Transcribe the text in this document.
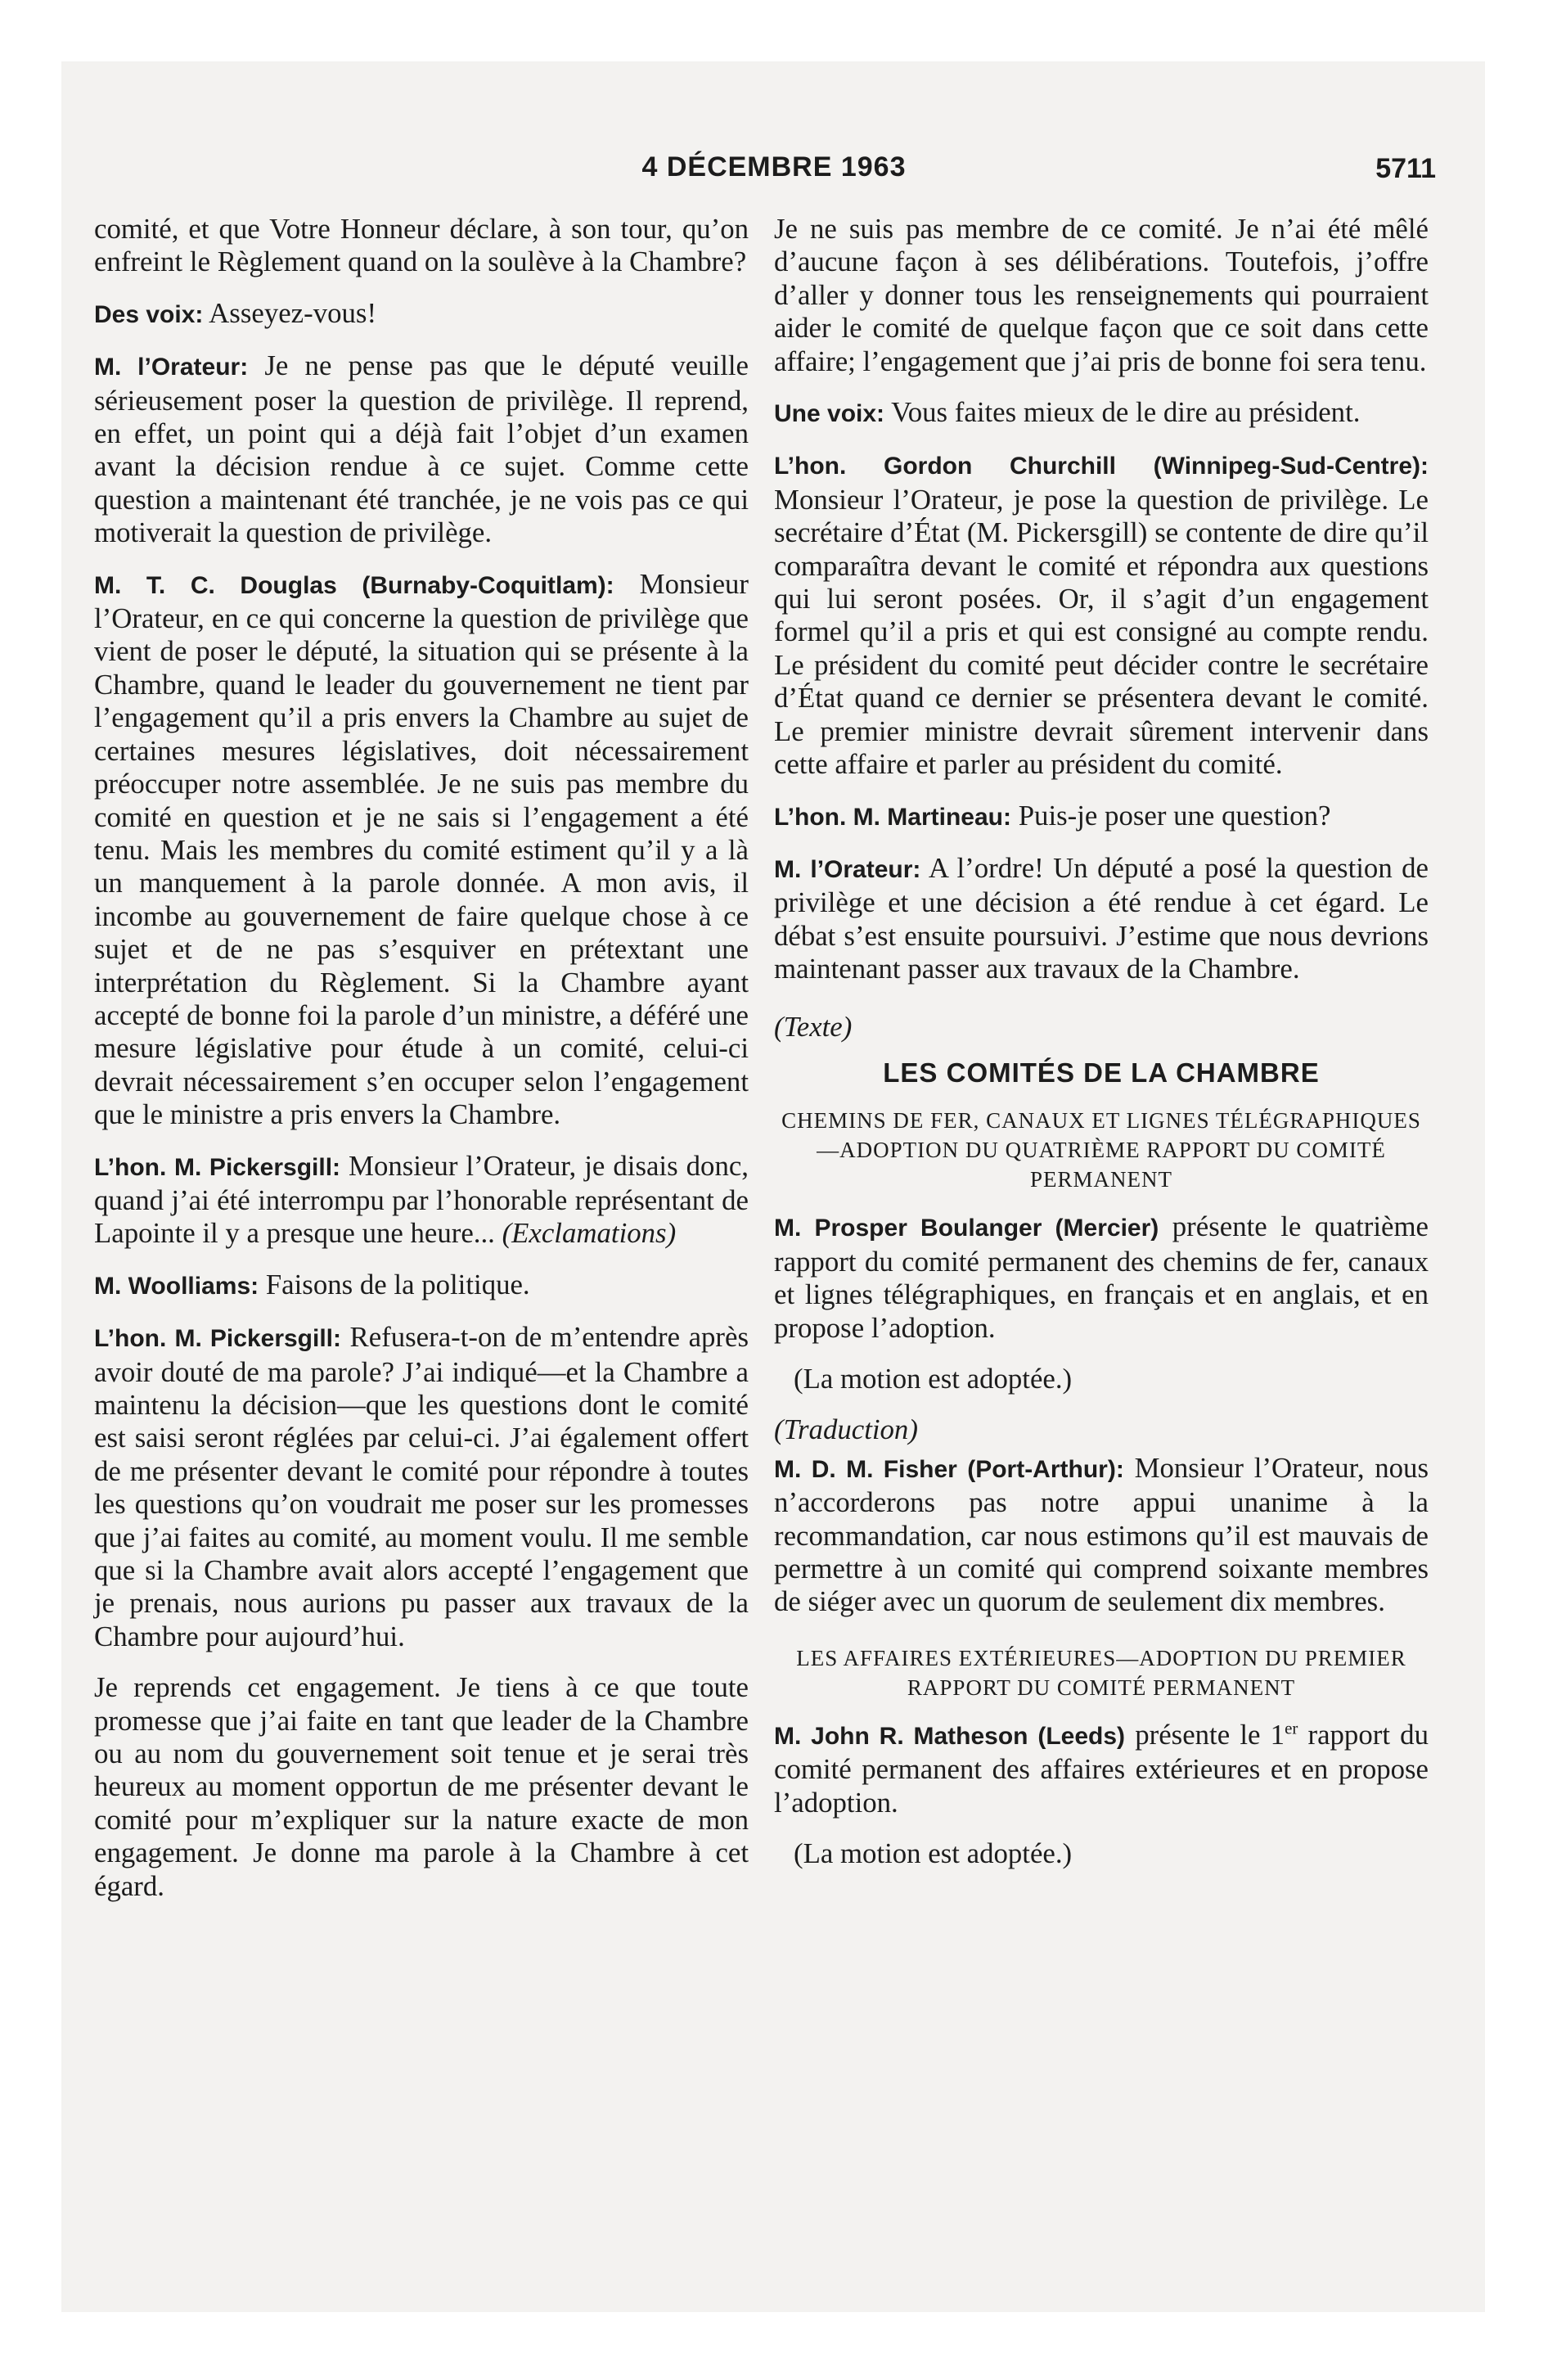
4 DÉCEMBRE 1963	5711

comité, et que Votre Honneur déclare, à son tour, qu’on enfreint le Règlement quand on la soulève à la Chambre?

Des voix: Asseyez-vous!

M. l’Orateur: Je ne pense pas que le député veuille sérieusement poser la question de privilège. Il reprend, en effet, un point qui a déjà fait l’objet d’un examen avant la décision rendue à ce sujet. Comme cette question a maintenant été tranchée, je ne vois pas ce qui motiverait la question de privilège.

M. T. C. Douglas (Burnaby-Coquitlam): Monsieur l’Orateur, en ce qui concerne la question de privilège que vient de poser le député, la situation qui se présente à la Chambre, quand le leader du gouvernement ne tient par l’engagement qu’il a pris envers la Chambre au sujet de certaines mesures législatives, doit nécessairement préoccuper notre assemblée. Je ne suis pas membre du comité en question et je ne sais si l’engagement a été tenu. Mais les membres du comité estiment qu’il y a là un manquement à la parole donnée. A mon avis, il incombe au gouvernement de faire quelque chose à ce sujet et de ne pas s’esquiver en prétextant une interprétation du Règlement. Si la Chambre ayant accepté de bonne foi la parole d’un ministre, a déféré une mesure législative pour étude à un comité, celui-ci devrait nécessairement s’en occuper selon l’engagement que le ministre a pris envers la Chambre.

L’hon. M. Pickersgill: Monsieur l’Orateur, je disais donc, quand j’ai été interrompu par l’honorable représentant de Lapointe il y a presque une heure... (Exclamations)

M. Woolliams: Faisons de la politique.

L’hon. M. Pickersgill: Refusera-t-on de m’entendre après avoir douté de ma parole? J’ai indiqué—et la Chambre a maintenu la décision—que les questions dont le comité est saisi seront réglées par celui-ci. J’ai également offert de me présenter devant le comité pour répondre à toutes les questions qu’on voudrait me poser sur les promesses que j’ai faites au comité, au moment voulu. Il me semble que si la Chambre avait alors accepté l’engagement que je prenais, nous aurions pu passer aux travaux de la Chambre pour aujourd’hui.

Je reprends cet engagement. Je tiens à ce que toute promesse que j’ai faite en tant que leader de la Chambre ou au nom du gouvernement soit tenue et je serai très heureux au moment opportun de me présenter devant le comité pour m’expliquer sur la nature exacte de mon engagement. Je donne ma parole à la Chambre à cet égard.

Je ne suis pas membre de ce comité. Je n’ai été mêlé d’aucune façon à ses délibérations. Toutefois, j’offre d’aller y donner tous les renseignements qui pourraient aider le comité de quelque façon que ce soit dans cette affaire; l’engagement que j’ai pris de bonne foi sera tenu.

Une voix: Vous faites mieux de le dire au président.

L’hon. Gordon Churchill (Winnipeg-Sud-Centre): Monsieur l’Orateur, je pose la question de privilège. Le secrétaire d’État (M. Pickersgill) se contente de dire qu’il comparaîtra devant le comité et répondra aux questions qui lui seront posées. Or, il s’agit d’un engagement formel qu’il a pris et qui est consigné au compte rendu. Le président du comité peut décider contre le secrétaire d’État quand ce dernier se présentera devant le comité. Le premier ministre devrait sûrement intervenir dans cette affaire et parler au président du comité.

L’hon. M. Martineau: Puis-je poser une question?

M. l’Orateur: A l’ordre! Un député a posé la question de privilège et une décision a été rendue à cet égard. Le débat s’est ensuite poursuivi. J’estime que nous devrions maintenant passer aux travaux de la Chambre.

(Texte)
LES COMITÉS DE LA CHAMBRE
CHEMINS DE FER, CANAUX ET LIGNES TÉLÉGRAPHIQUES—ADOPTION DU QUATRIÈME RAPPORT DU COMITÉ PERMANENT

M. Prosper Boulanger (Mercier) présente le quatrième rapport du comité permanent des chemins de fer, canaux et lignes télégraphiques, en français et en anglais, et en propose l’adoption.

(La motion est adoptée.)

(Traduction)

M. D. M. Fisher (Port-Arthur): Monsieur l’Orateur, nous n’accorderons pas notre appui unanime à la recommandation, car nous estimons qu’il est mauvais de permettre à un comité qui comprend soixante membres de siéger avec un quorum de seulement dix membres.

LES AFFAIRES EXTÉRIEURES—ADOPTION DU PREMIER RAPPORT DU COMITÉ PERMANENT

M. John R. Matheson (Leeds) présente le 1er rapport du comité permanent des affaires extérieures et en propose l’adoption.

(La motion est adoptée.)
